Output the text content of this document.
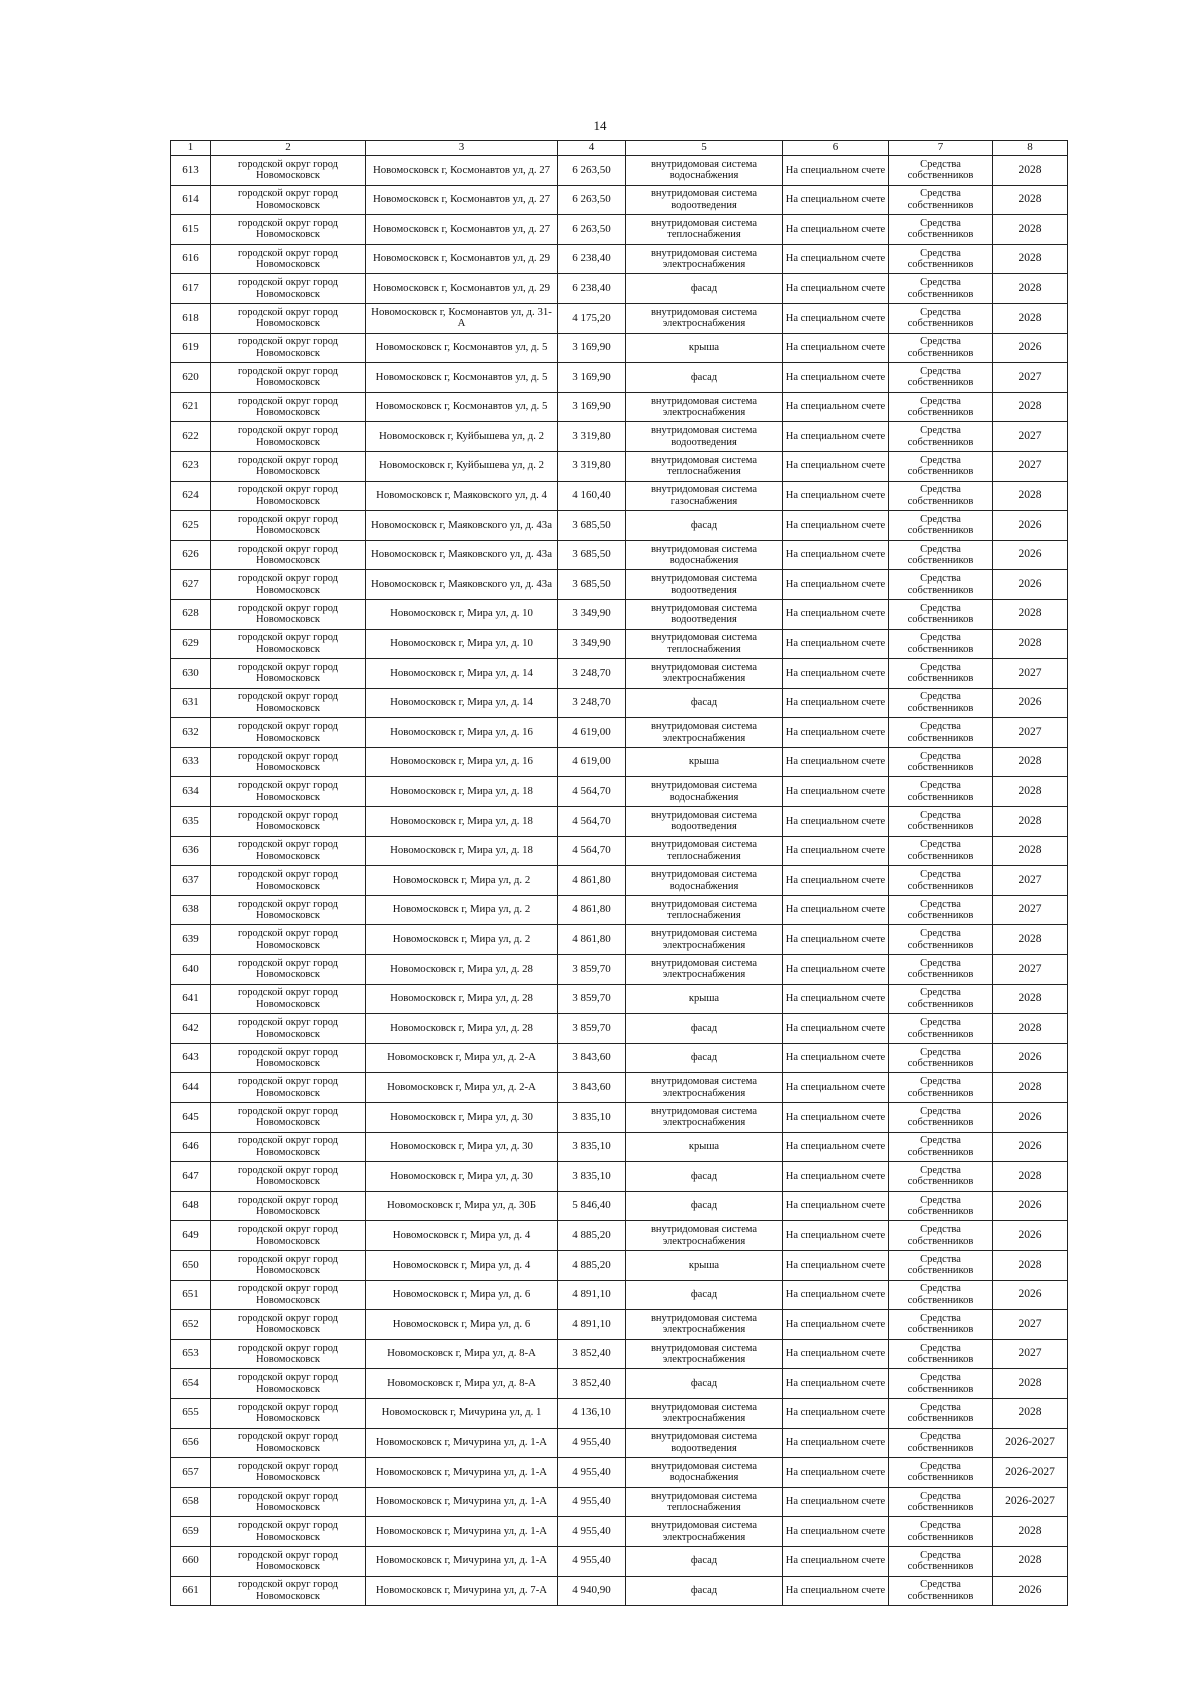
14
1	2	3	4	5	6	7	8
613	городской округ город Новомосковск	Новомосковск г, Космонавтов ул, д. 27	6 263,50	внутридомовая система водоснабжения	На специальном счете	Средства собственников	2028
614	городской округ город Новомосковск	Новомосковск г, Космонавтов ул, д. 27	6 263,50	внутридомовая система водоотведения	На специальном счете	Средства собственников	2028
615	городской округ город Новомосковск	Новомосковск г, Космонавтов ул, д. 27	6 263,50	внутридомовая система теплоснабжения	На специальном счете	Средства собственников	2028
616	городской округ город Новомосковск	Новомосковск г, Космонавтов ул, д. 29	6 238,40	внутридомовая система электроснабжения	На специальном счете	Средства собственников	2028
617	городской округ город Новомосковск	Новомосковск г, Космонавтов ул, д. 29	6 238,40	фасад	На специальном счете	Средства собственников	2028
618	городской округ город Новомосковск	Новомосковск г, Космонавтов ул, д. 31-А	4 175,20	внутридомовая система электроснабжения	На специальном счете	Средства собственников	2028
619	городской округ город Новомосковск	Новомосковск г, Космонавтов ул, д. 5	3 169,90	крыша	На специальном счете	Средства собственников	2026
620	городской округ город Новомосковск	Новомосковск г, Космонавтов ул, д. 5	3 169,90	фасад	На специальном счете	Средства собственников	2027
621	городской округ город Новомосковск	Новомосковск г, Космонавтов ул, д. 5	3 169,90	внутридомовая система электроснабжения	На специальном счете	Средства собственников	2028
622	городской округ город Новомосковск	Новомосковск г, Куйбышева ул, д. 2	3 319,80	внутридомовая система водоотведения	На специальном счете	Средства собственников	2027
623	городской округ город Новомосковск	Новомосковск г, Куйбышева ул, д. 2	3 319,80	внутридомовая система теплоснабжения	На специальном счете	Средства собственников	2027
624	городской округ город Новомосковск	Новомосковск г, Маяковского ул, д. 4	4 160,40	внутридомовая система газоснабжения	На специальном счете	Средства собственников	2028
625	городской округ город Новомосковск	Новомосковск г, Маяковского ул, д. 43а	3 685,50	фасад	На специальном счете	Средства собственников	2026
626	городской округ город Новомосковск	Новомосковск г, Маяковского ул, д. 43а	3 685,50	внутридомовая система водоснабжения	На специальном счете	Средства собственников	2026
627	городской округ город Новомосковск	Новомосковск г, Маяковского ул, д. 43а	3 685,50	внутридомовая система водоотведения	На специальном счете	Средства собственников	2026
628	городской округ город Новомосковск	Новомосковск г, Мира ул, д. 10	3 349,90	внутридомовая система водоотведения	На специальном счете	Средства собственников	2028
629	городской округ город Новомосковск	Новомосковск г, Мира ул, д. 10	3 349,90	внутридомовая система теплоснабжения	На специальном счете	Средства собственников	2028
630	городской округ город Новомосковск	Новомосковск г, Мира ул, д. 14	3 248,70	внутридомовая система электроснабжения	На специальном счете	Средства собственников	2027
631	городской округ город Новомосковск	Новомосковск г, Мира ул, д. 14	3 248,70	фасад	На специальном счете	Средства собственников	2026
632	городской округ город Новомосковск	Новомосковск г, Мира ул, д. 16	4 619,00	внутридомовая система электроснабжения	На специальном счете	Средства собственников	2027
633	городской округ город Новомосковск	Новомосковск г, Мира ул, д. 16	4 619,00	крыша	На специальном счете	Средства собственников	2028
634	городской округ город Новомосковск	Новомосковск г, Мира ул, д. 18	4 564,70	внутридомовая система водоснабжения	На специальном счете	Средства собственников	2028
635	городской округ город Новомосковск	Новомосковск г, Мира ул, д. 18	4 564,70	внутридомовая система водоотведения	На специальном счете	Средства собственников	2028
636	городской округ город Новомосковск	Новомосковск г, Мира ул, д. 18	4 564,70	внутридомовая система теплоснабжения	На специальном счете	Средства собственников	2028
637	городской округ город Новомосковск	Новомосковск г, Мира ул, д. 2	4 861,80	внутридомовая система водоснабжения	На специальном счете	Средства собственников	2027
638	городской округ город Новомосковск	Новомосковск г, Мира ул, д. 2	4 861,80	внутридомовая система теплоснабжения	На специальном счете	Средства собственников	2027
639	городской округ город Новомосковск	Новомосковск г, Мира ул, д. 2	4 861,80	внутридомовая система электроснабжения	На специальном счете	Средства собственников	2028
640	городской округ город Новомосковск	Новомосковск г, Мира ул, д. 28	3 859,70	внутридомовая система электроснабжения	На специальном счете	Средства собственников	2027
641	городской округ город Новомосковск	Новомосковск г, Мира ул, д. 28	3 859,70	крыша	На специальном счете	Средства собственников	2028
642	городской округ город Новомосковск	Новомосковск г, Мира ул, д. 28	3 859,70	фасад	На специальном счете	Средства собственников	2028
643	городской округ город Новомосковск	Новомосковск г, Мира ул, д. 2-А	3 843,60	фасад	На специальном счете	Средства собственников	2026
644	городской округ город Новомосковск	Новомосковск г, Мира ул, д. 2-А	3 843,60	внутридомовая система электроснабжения	На специальном счете	Средства собственников	2028
645	городской округ город Новомосковск	Новомосковск г, Мира ул, д. 30	3 835,10	внутридомовая система электроснабжения	На специальном счете	Средства собственников	2026
646	городской округ город Новомосковск	Новомосковск г, Мира ул, д. 30	3 835,10	крыша	На специальном счете	Средства собственников	2026
647	городской округ город Новомосковск	Новомосковск г, Мира ул, д. 30	3 835,10	фасад	На специальном счете	Средства собственников	2028
648	городской округ город Новомосковск	Новомосковск г, Мира ул, д. 30Б	5 846,40	фасад	На специальном счете	Средства собственников	2026
649	городской округ город Новомосковск	Новомосковск г, Мира ул, д. 4	4 885,20	внутридомовая система электроснабжения	На специальном счете	Средства собственников	2026
650	городской округ город Новомосковск	Новомосковск г, Мира ул, д. 4	4 885,20	крыша	На специальном счете	Средства собственников	2028
651	городской округ город Новомосковск	Новомосковск г, Мира ул, д. 6	4 891,10	фасад	На специальном счете	Средства собственников	2026
652	городской округ город Новомосковск	Новомосковск г, Мира ул, д. 6	4 891,10	внутридомовая система электроснабжения	На специальном счете	Средства собственников	2027
653	городской округ город Новомосковск	Новомосковск г, Мира ул, д. 8-А	3 852,40	внутридомовая система электроснабжения	На специальном счете	Средства собственников	2027
654	городской округ город Новомосковск	Новомосковск г, Мира ул, д. 8-А	3 852,40	фасад	На специальном счете	Средства собственников	2028
655	городской округ город Новомосковск	Новомосковск г, Мичурина ул, д. 1	4 136,10	внутридомовая система электроснабжения	На специальном счете	Средства собственников	2028
656	городской округ город Новомосковск	Новомосковск г, Мичурина ул, д. 1-А	4 955,40	внутридомовая система водоотведения	На специальном счете	Средства собственников	2026-2027
657	городской округ город Новомосковск	Новомосковск г, Мичурина ул, д. 1-А	4 955,40	внутридомовая система водоснабжения	На специальном счете	Средства собственников	2026-2027
658	городской округ город Новомосковск	Новомосковск г, Мичурина ул, д. 1-А	4 955,40	внутридомовая система теплоснабжения	На специальном счете	Средства собственников	2026-2027
659	городской округ город Новомосковск	Новомосковск г, Мичурина ул, д. 1-А	4 955,40	внутридомовая система электроснабжения	На специальном счете	Средства собственников	2028
660	городской округ город Новомосковск	Новомосковск г, Мичурина ул, д. 1-А	4 955,40	фасад	На специальном счете	Средства собственников	2028
661	городской округ город Новомосковск	Новомосковск г, Мичурина ул, д. 7-А	4 940,90	фасад	На специальном счете	Средства собственников	2026
